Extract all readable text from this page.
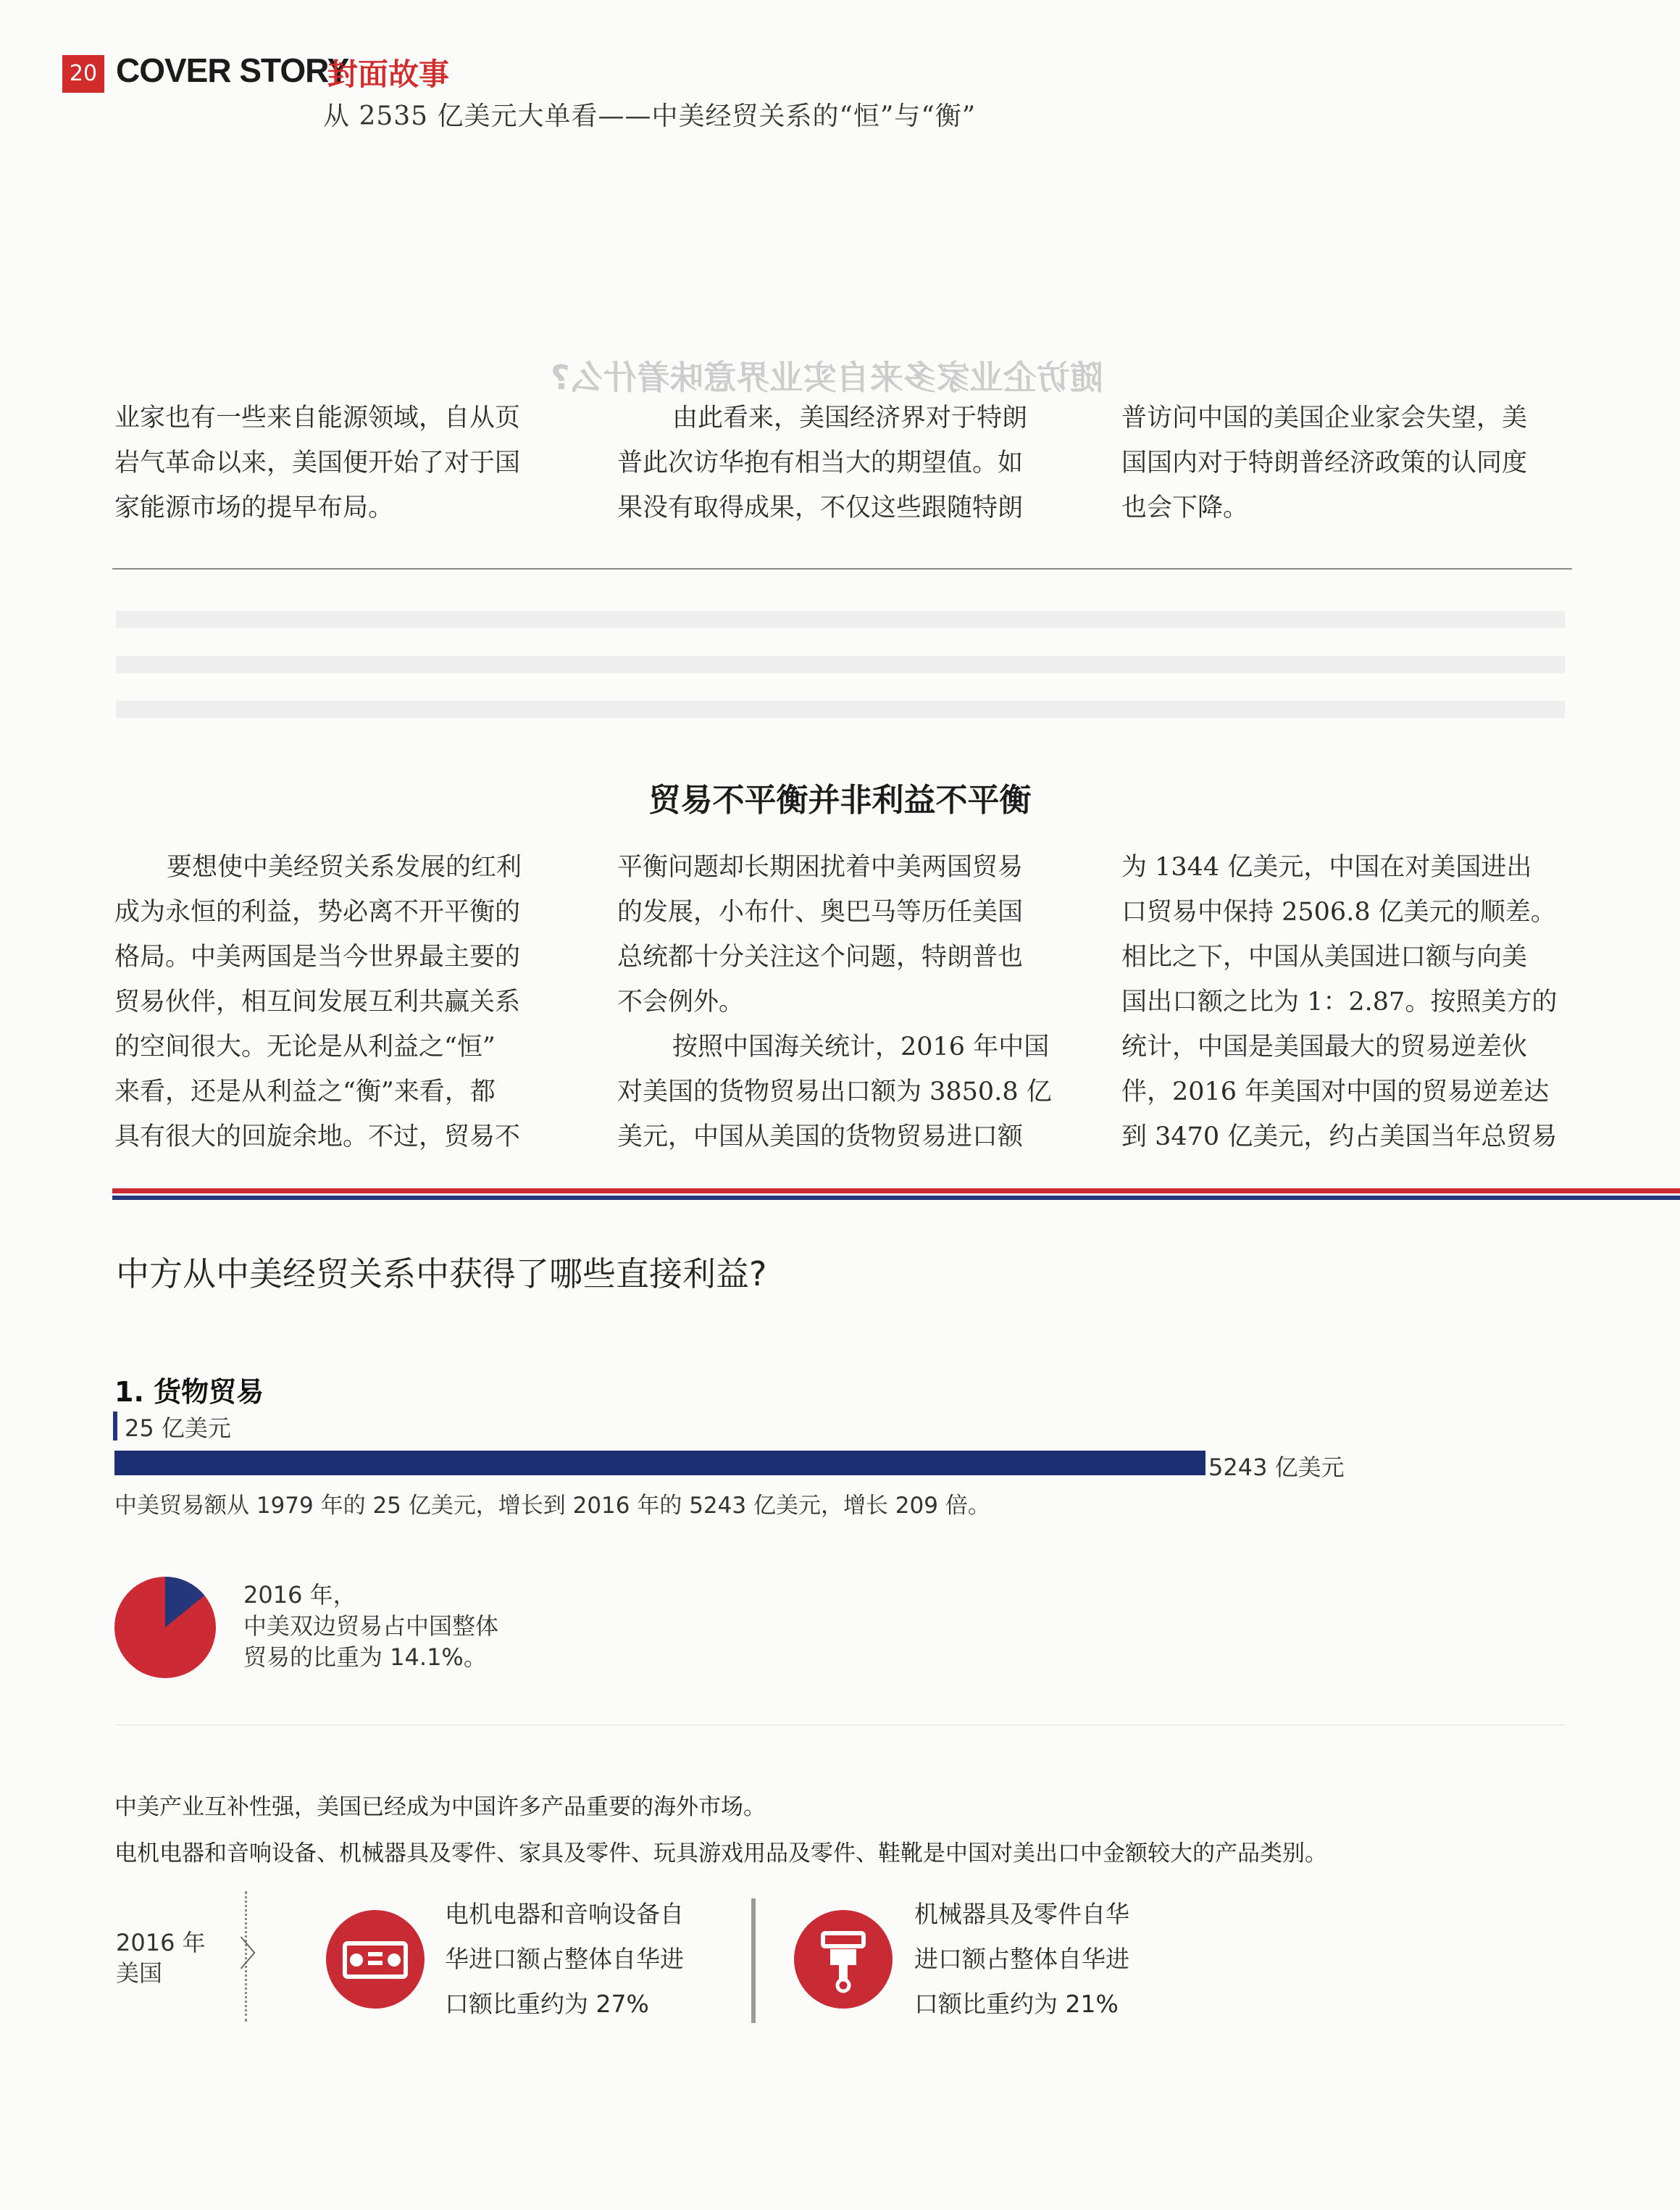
20 COVER STORY
封面故事
从 2535 亿美元大单看——中美经贸关系的“恒”与“衡”
随访企业家多来自实业界意味着什么?

业家也有一些来自能源领域，自从页

岩气革命以来，美国便开始了对于国

家能源市场的提早布局。

由此看来，美国经济界对于特朗

普此次访华抱有相当大的期望值。如

果没有取得成果，不仅这些跟随特朗

普访问中国的美国企业家会失望，美

国国内对于特朗普经济政策的认同度

也会下降。

贸易不平衡并非利益不平衡

要想使中美经贸关系发展的红利

成为永恒的利益，势必离不开平衡的

格局。中美两国是当今世界最主要的

贸易伙伴，相互间发展互利共赢关系

的空间很大。无论是从利益之“恒”

来看，还是从利益之“衡”来看，都

具有很大的回旋余地。不过，贸易不

平衡问题却长期困扰着中美两国贸易

的发展，小布什、奥巴马等历任美国

总统都十分关注这个问题，特朗普也

不会例外。

按照中国海关统计，2016 年中国

对美国的货物贸易出口额为 3850.8 亿

美元，中国从美国的货物贸易进口额

为 1344 亿美元，中国在对美国进出

口贸易中保持 2506.8 亿美元的顺差。

相比之下，中国从美国进口额与向美

国出口额之比为 1：2.87。按照美方的

统计，中国是美国最大的贸易逆差伙

伴，2016 年美国对中国的贸易逆差达

到 3470 亿美元，约占美国当年总贸易

中方从中美经贸关系中获得了哪些直接利益?
1. 货物贸易
25 亿美元
5243 亿美元
中美贸易额从 1979 年的 25 亿美元，增长到 2016 年的 5243 亿美元，增长 209 倍。
2016 年，
中美双边贸易占中国整体
贸易的比重为 14.1%。
中美产业互补性强，美国已经成为中国许多产品重要的海外市场。
电机电器和音响设备、机械器具及零件、家具及零件、玩具游戏用品及零件、鞋靴是中国对美出口中金额较大的产品类别。
2016 年
美国 〉
电机电器和音响设备自
华进口额占整体自华进
口额比重约为 27%
机械器具及零件自华
进口额占整体自华进
口额比重约为 21%
